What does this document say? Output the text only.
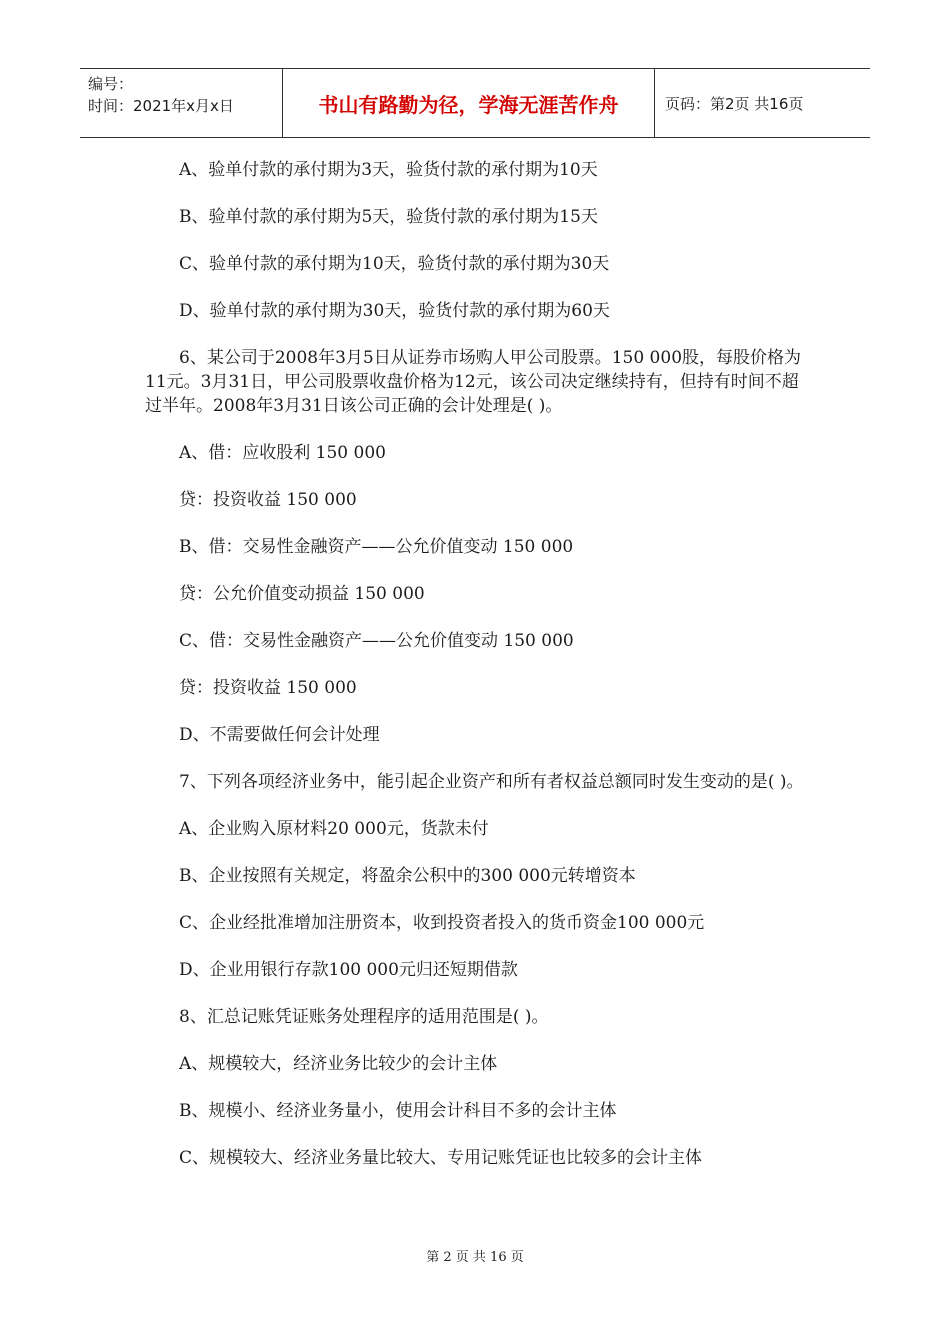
编号：
时间：2021年x月x日	书山有路勤为径，学海无涯苦作舟	页码：第2页 共16页

A、验单付款的承付期为3天，验货付款的承付期为10天

B、验单付款的承付期为5天，验货付款的承付期为15天

C、验单付款的承付期为10天，验货付款的承付期为30天

D、验单付款的承付期为30天，验货付款的承付期为60天

6、某公司于2008年3月5日从证券市场购人甲公司股票。150 000股，每股价格为11元。3月31日，甲公司股票收盘价格为12元，该公司决定继续持有，但持有时间不超过半年。2008年3月31日该公司正确的会计处理是( )。

A、借：应收股利 150 000

贷：投资收益 150 000

B、借：交易性金融资产——公允价值变动 150 000

贷：公允价值变动损益 150 000

C、借：交易性金融资产——公允价值变动 150 000

贷：投资收益 150 000

D、不需要做任何会计处理

7、下列各项经济业务中，能引起企业资产和所有者权益总额同时发生变动的是( )。

A、企业购入原材料20 000元，货款未付

B、企业按照有关规定，将盈余公积中的300 000元转增资本

C、企业经批准增加注册资本，收到投资者投入的货币资金100 000元

D、企业用银行存款100 000元归还短期借款

8、汇总记账凭证账务处理程序的适用范围是( )。

A、规模较大，经济业务比较少的会计主体

B、规模小、经济业务量小，使用会计科目不多的会计主体

C、规模较大、经济业务量比较大、专用记账凭证也比较多的会计主体

第 2 页 共 16 页
